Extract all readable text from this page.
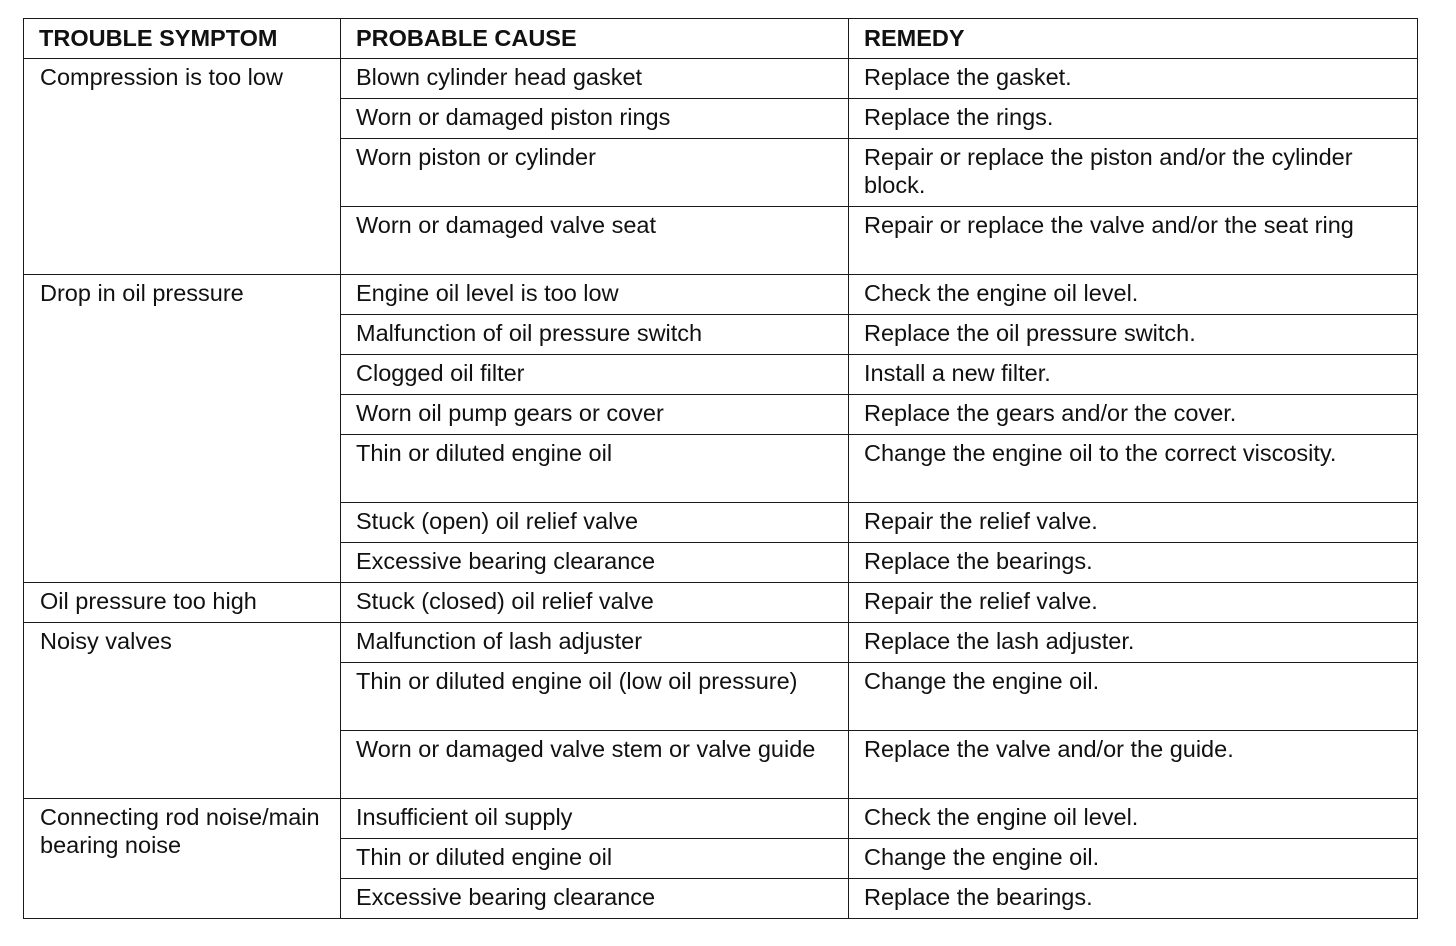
TROUBLE SYMPTOM	PROBABLE CAUSE	REMEDY
Compression is too low	Blown cylinder head gasket	Replace the gasket.
	Worn or damaged piston rings	Replace the rings.
	Worn piston or cylinder	Repair or replace the piston and/or the cylinder block.
	Worn or damaged valve seat	Repair or replace the valve and/or the seat ring
Drop in oil pressure	Engine oil level is too low	Check the engine oil level.
	Malfunction of oil pressure switch	Replace the oil pressure switch.
	Clogged oil filter	Install a new filter.
	Worn oil pump gears or cover	Replace the gears and/or the cover.
	Thin or diluted engine oil	Change the engine oil to the correct viscosity.
	Stuck (open) oil relief valve	Repair the relief valve.
	Excessive bearing clearance	Replace the bearings.
Oil pressure too high	Stuck (closed) oil relief valve	Repair the relief valve.
Noisy valves	Malfunction of lash adjuster	Replace the lash adjuster.
	Thin or diluted engine oil (low oil pressure)	Change the engine oil.
	Worn or damaged valve stem or valve guide	Replace the valve and/or the guide.
Connecting rod noise/main bearing noise	Insufficient oil supply	Check the engine oil level.
	Thin or diluted engine oil	Change the engine oil.
	Excessive bearing clearance	Replace the bearings.
